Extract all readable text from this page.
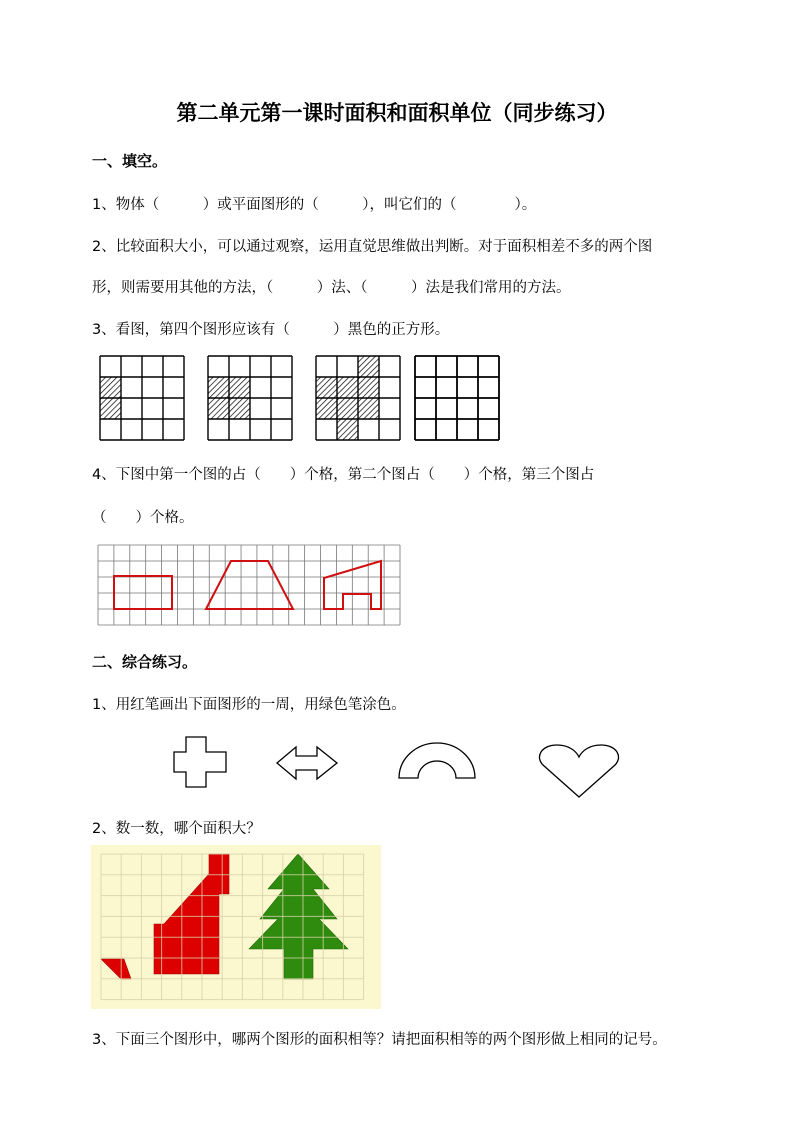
第二单元第一课时面积和面积单位（同步练习）
一、填空。
1、物体（　　　）或平面图形的（　　　），叫它们的（　　　　）。
2、比较面积大小，可以通过观察，运用直觉思维做出判断。对于面积相差不多的两个图
形，则需要用其他的方法，（　　　）法、（　　　）法是我们常用的方法。
3、看图，第四个图形应该有（　　　）黑色的正方形。
4、下图中第一个图的占（　　）个格，第二个图占（　　）个格，第三个图占
（　　）个格。
二、综合练习。
1、用红笔画出下面图形的一周，用绿色笔涂色。
2、数一数，哪个面积大？
3、下面三个图形中，哪两个图形的面积相等？请把面积相等的两个图形做上相同的记号。
